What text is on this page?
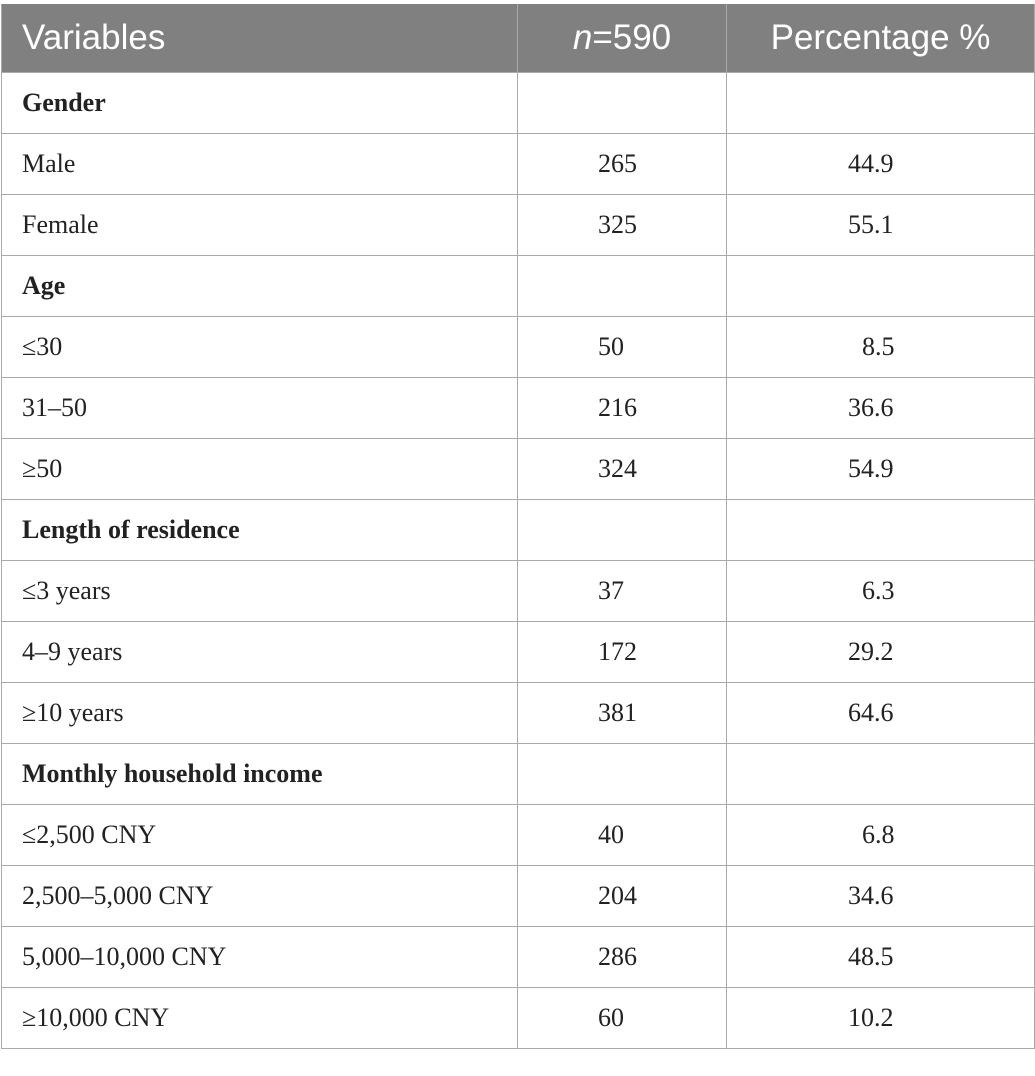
Variables	n=590	Percentage %
Gender		
Male	265	44.9
Female	325	55.1
Age		
≤30	50	8.5
31–50	216	36.6
≥50	324	54.9
Length of residence		
≤3 years	37	6.3
4–9 years	172	29.2
≥10 years	381	64.6
Monthly household income		
≤2,500 CNY	40	6.8
2,500–5,000 CNY	204	34.6
5,000–10,000 CNY	286	48.5
≥10,000 CNY	60	10.2
